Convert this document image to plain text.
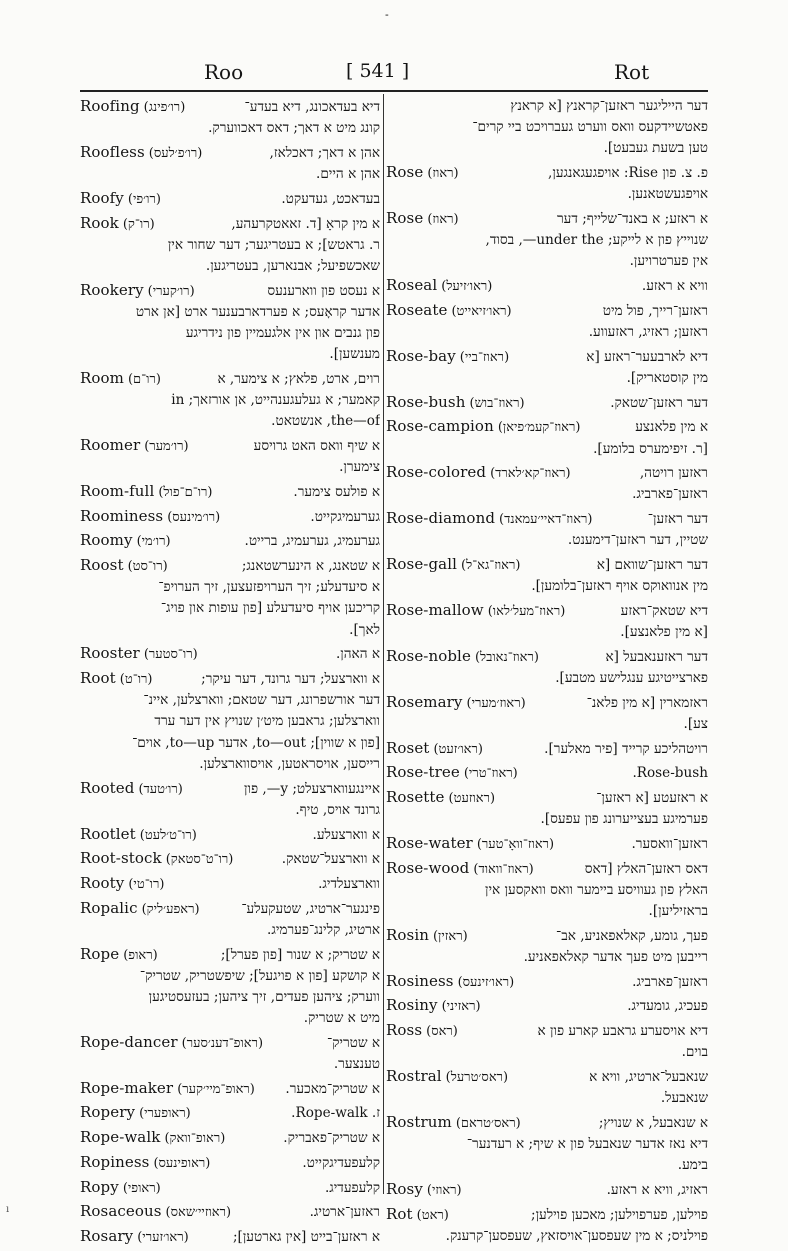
-
Roo	[ 541 ]	Rot
Roofing (רו׳פינג)	דיא בעדאכונג, דיא בעדע־
קונג מיט א דאך; דאס דאכווערק.
Roofless (רו׳פ׳לעס)	אהן א דאך; דאכלאז,
אהן א היים.
Roofy (רו׳פי)	בעדאכט, געדעקט.
Rook (רו־ק)	א מין קראָ [ד. זאאטקרעהע,
ר. גראטש]; א בעטריגער; דער שחור אין
שאכשפיעל; אבנארען, בעטריגען.
Rookery (רו׳קערי)	א נעסט פון ווארענעס
אדער קראָעס; א פערדארבענער ארט [אן ארט
פון גנבים און אין אלגעמיין פון נידריגע
מענשען].
Room (רו־ם)	רוים, ארט, פלאץ; א צימער, א
קאמער; א געלעגענהייט, אן אורזאך; in
the—of, אנשטאט.
Roomer (רו׳מער)	א שיף וואס האט גרויסע
צימערן.
Room-full (רו־ם־פול)	א פולעס צימער.
Roominess (רו׳מינעס)	גערעמיגקייט.
Roomy (רו׳מי)	גערעמיג, גערעמיג, ברייט.
Roost (רו־סט)	א שטאנג, א הינערשטאנג;
א סיעדעלע; זיך הערויפזעצען, זיך הערויפ־
קריכען אויף סיעדעלע [פון עופות און פויג־
לאך].
Rooster (רו־סטער)	א האהן.
Root (רו־ט)	א ווארצעל; דער גרונד, דער עיקר;
דער אורשפרונג, דער שטאם; ווארצלען, איינ־
ווארצלען; גראבען מיט׳ן שנויץ אין דער ערד
[פון א שווין]; to—out, אדער to—up, אוים־
רייסען, אויסראטען, אויסווארצלען.
Rooted (רו׳טעד)	איינגעווארצעלט; y—, פון
גרונד אויס, טיף.
Rootlet (רו־ט׳לעט)	א ווארצעלע.
Root-stock (רו־ט־סטאק)	א ווארצעל־שטאק.
Rooty (רו־טי)	ווארצעלדיג.
Ropalic (ראפע׳ליק)	פינגער־ארטיג, שטעקעלע־
ארטיג, קלינג־פערמיג.
Rope (ראופ)	א שטריק; א שנור [פון פערל];
א קושקע [פון א פויגעל]; שיפשטריק, שטריק־
ווערק; ציהען פעדים, זיך ציהען; בעזעסטיגען
מיט א שטריק.
Rope-dancer (ראופ־דענ׳סער)	א שטריק־
טענצער.
Rope-maker (ראופ־מיי׳קער)	א שטריק־מאכער.
Ropery (ראופערי)	ז. Rope-walk.
Rope-walk (ראופ־וואק)	א שטריק־פאבריק.
Ropiness (ראופינעס)	קלעפעדיגקייט.
Ropy (ראופי)	קלעפעדיג.
Rosaceous (ראוזיי׳שאס)	ראזען־ארטיג.
Rosary (ראו׳זערי)	א ראזען־בייט [אין גארטען];
דער הייליגער ראזען־קראנץ [א קראנץ
פאטשיידקעס וואס ווערט געברויכט ביי קרים־
טען בשעת געבעט].
Rose (ראוז)	פ. צ. פון Rise: אויפגעגאנגען,
אויפגעשטאנען.
Rose (ראוז)	א ראזע; א באנד־שלייף; דער
שנוייץ פון א לייקע; under the—, בסוד,
אין פערטרויען.
Roseal (ראו׳זיעל)	וויא א ראזע.
Roseate (ראו׳זיאייט)	ראזען־רייך, פול מיט
ראזען; ראזיג, ראזעווע.
Rose-bay (ראוז־ביי)	דיא לארבעער־ראזע [א
מין קוסטאריק].
Rose-bush (ראוז־בוש)	דער ראזען־שטאק.
Rose-campion (ראוז־קעמ׳פיאן)	א מין פלאנצע
[ר. זיפימערס בלומע].
Rose-colored (ראוז־קא׳לארד)	ראזען רויטה,
ראזען־פארביג.
Rose-diamond (ראוז־דאיי׳עמאנד)	דער ראזען־
שטיין, דער ראזען־דימענט.
Rose-gall (ראוז־גא־ל)	דער ראזען־שוואם [א
מין אנוואוקס אויף ראזען־בלומען].
Rose-mallow (ראוז־מעל׳לאו)	דיא שטאק־ראזע
[א מין פלאנצע].
Rose-noble (ראוז־נאובל)	דער ראזענאבעל [א
פארצייטיגע ענגלישע מטבע].
Rosemary (ראוז׳מערי)	ראזמארין [א מין פלאנ־
צע].
Roset (ראו׳זעט)	רויטהליכע קרייד [פיר מאלער].
Rose-tree (ראוז־טרי)	Rose-bush.
Rosette (ראוזעט)	א ראזעטע [א ראזען־
פערמיגע בעצייערונג פון עפעס].
Rose-water (ראוז־וואָ־טער)	ראזען־וואסער.
Rose-wood (ראוז־וואוד)	דאס ראזען־האלץ [דאס
האלץ פון געוויסע ביימער וואס וואקסען אין
בראזיליען].
Rosin (ראזין)	פעך, גומע, קאלאפאניע, אב־
רייבען מיט פעך אדער קאלאפאניע.
Rosiness (ראו׳זינעס)	ראזען־פארביג.
Rosiny (ראזיני)	פעכיג, גומעדיג.
Ross (ראס)	דיא אויסערע גראבע קארע פון א
בוים.
Rostral (ראס׳טרעל)	שנאבעל־ארטיג, וויא א
שנאבעל.
Rostrum (ראס׳טראם)	א שנאבעל, א שנויץ;
דיא נאז אדער שנאבעל פון א שיף; א רעדנער־
בימע.
Rosy (ראוזי)	ראזיג, וויא א ראזע.
Rot (ראט)	פוילען, פערפוילען; מאכען פוילען;
פוילניס; א מין שעפסען־אויסזאץ, שעפסען־קרענק.
ı
